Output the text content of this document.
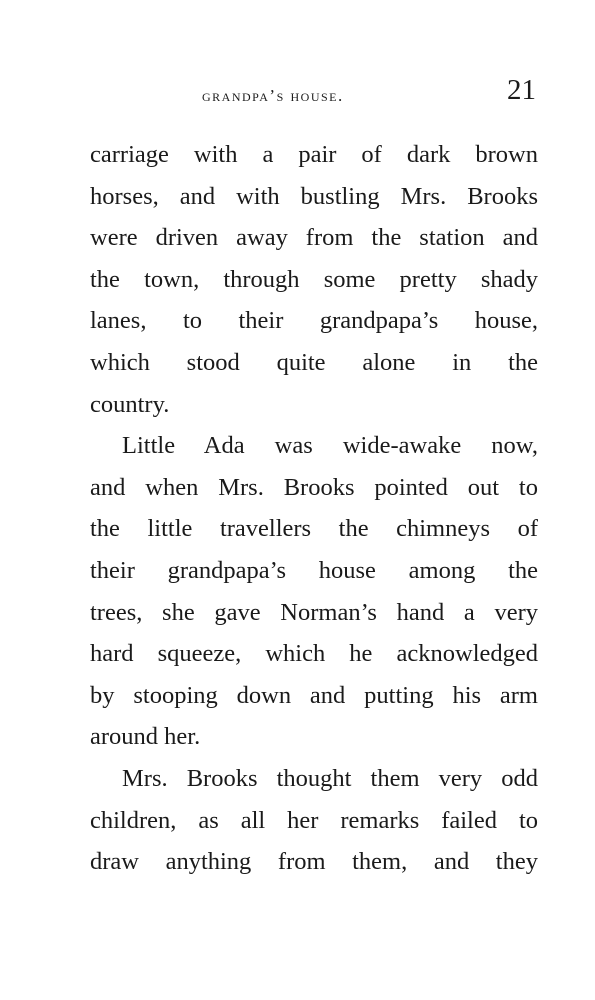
grandpa’s house.	21
carriage with a pair of dark brown
horses, and with bustling Mrs. Brooks
were driven away from the station and
the town, through some pretty shady
lanes, to their grandpapa’s house,
which stood quite alone in the
country.
Little Ada was wide-awake now,
and when Mrs. Brooks pointed out to
the little travellers the chimneys of
their grandpapa’s house among the
trees, she gave Norman’s hand a very
hard squeeze, which he acknowledged
by stooping down and putting his arm
around her.
Mrs. Brooks thought them very odd
children, as all her remarks failed to
draw anything from them, and they
